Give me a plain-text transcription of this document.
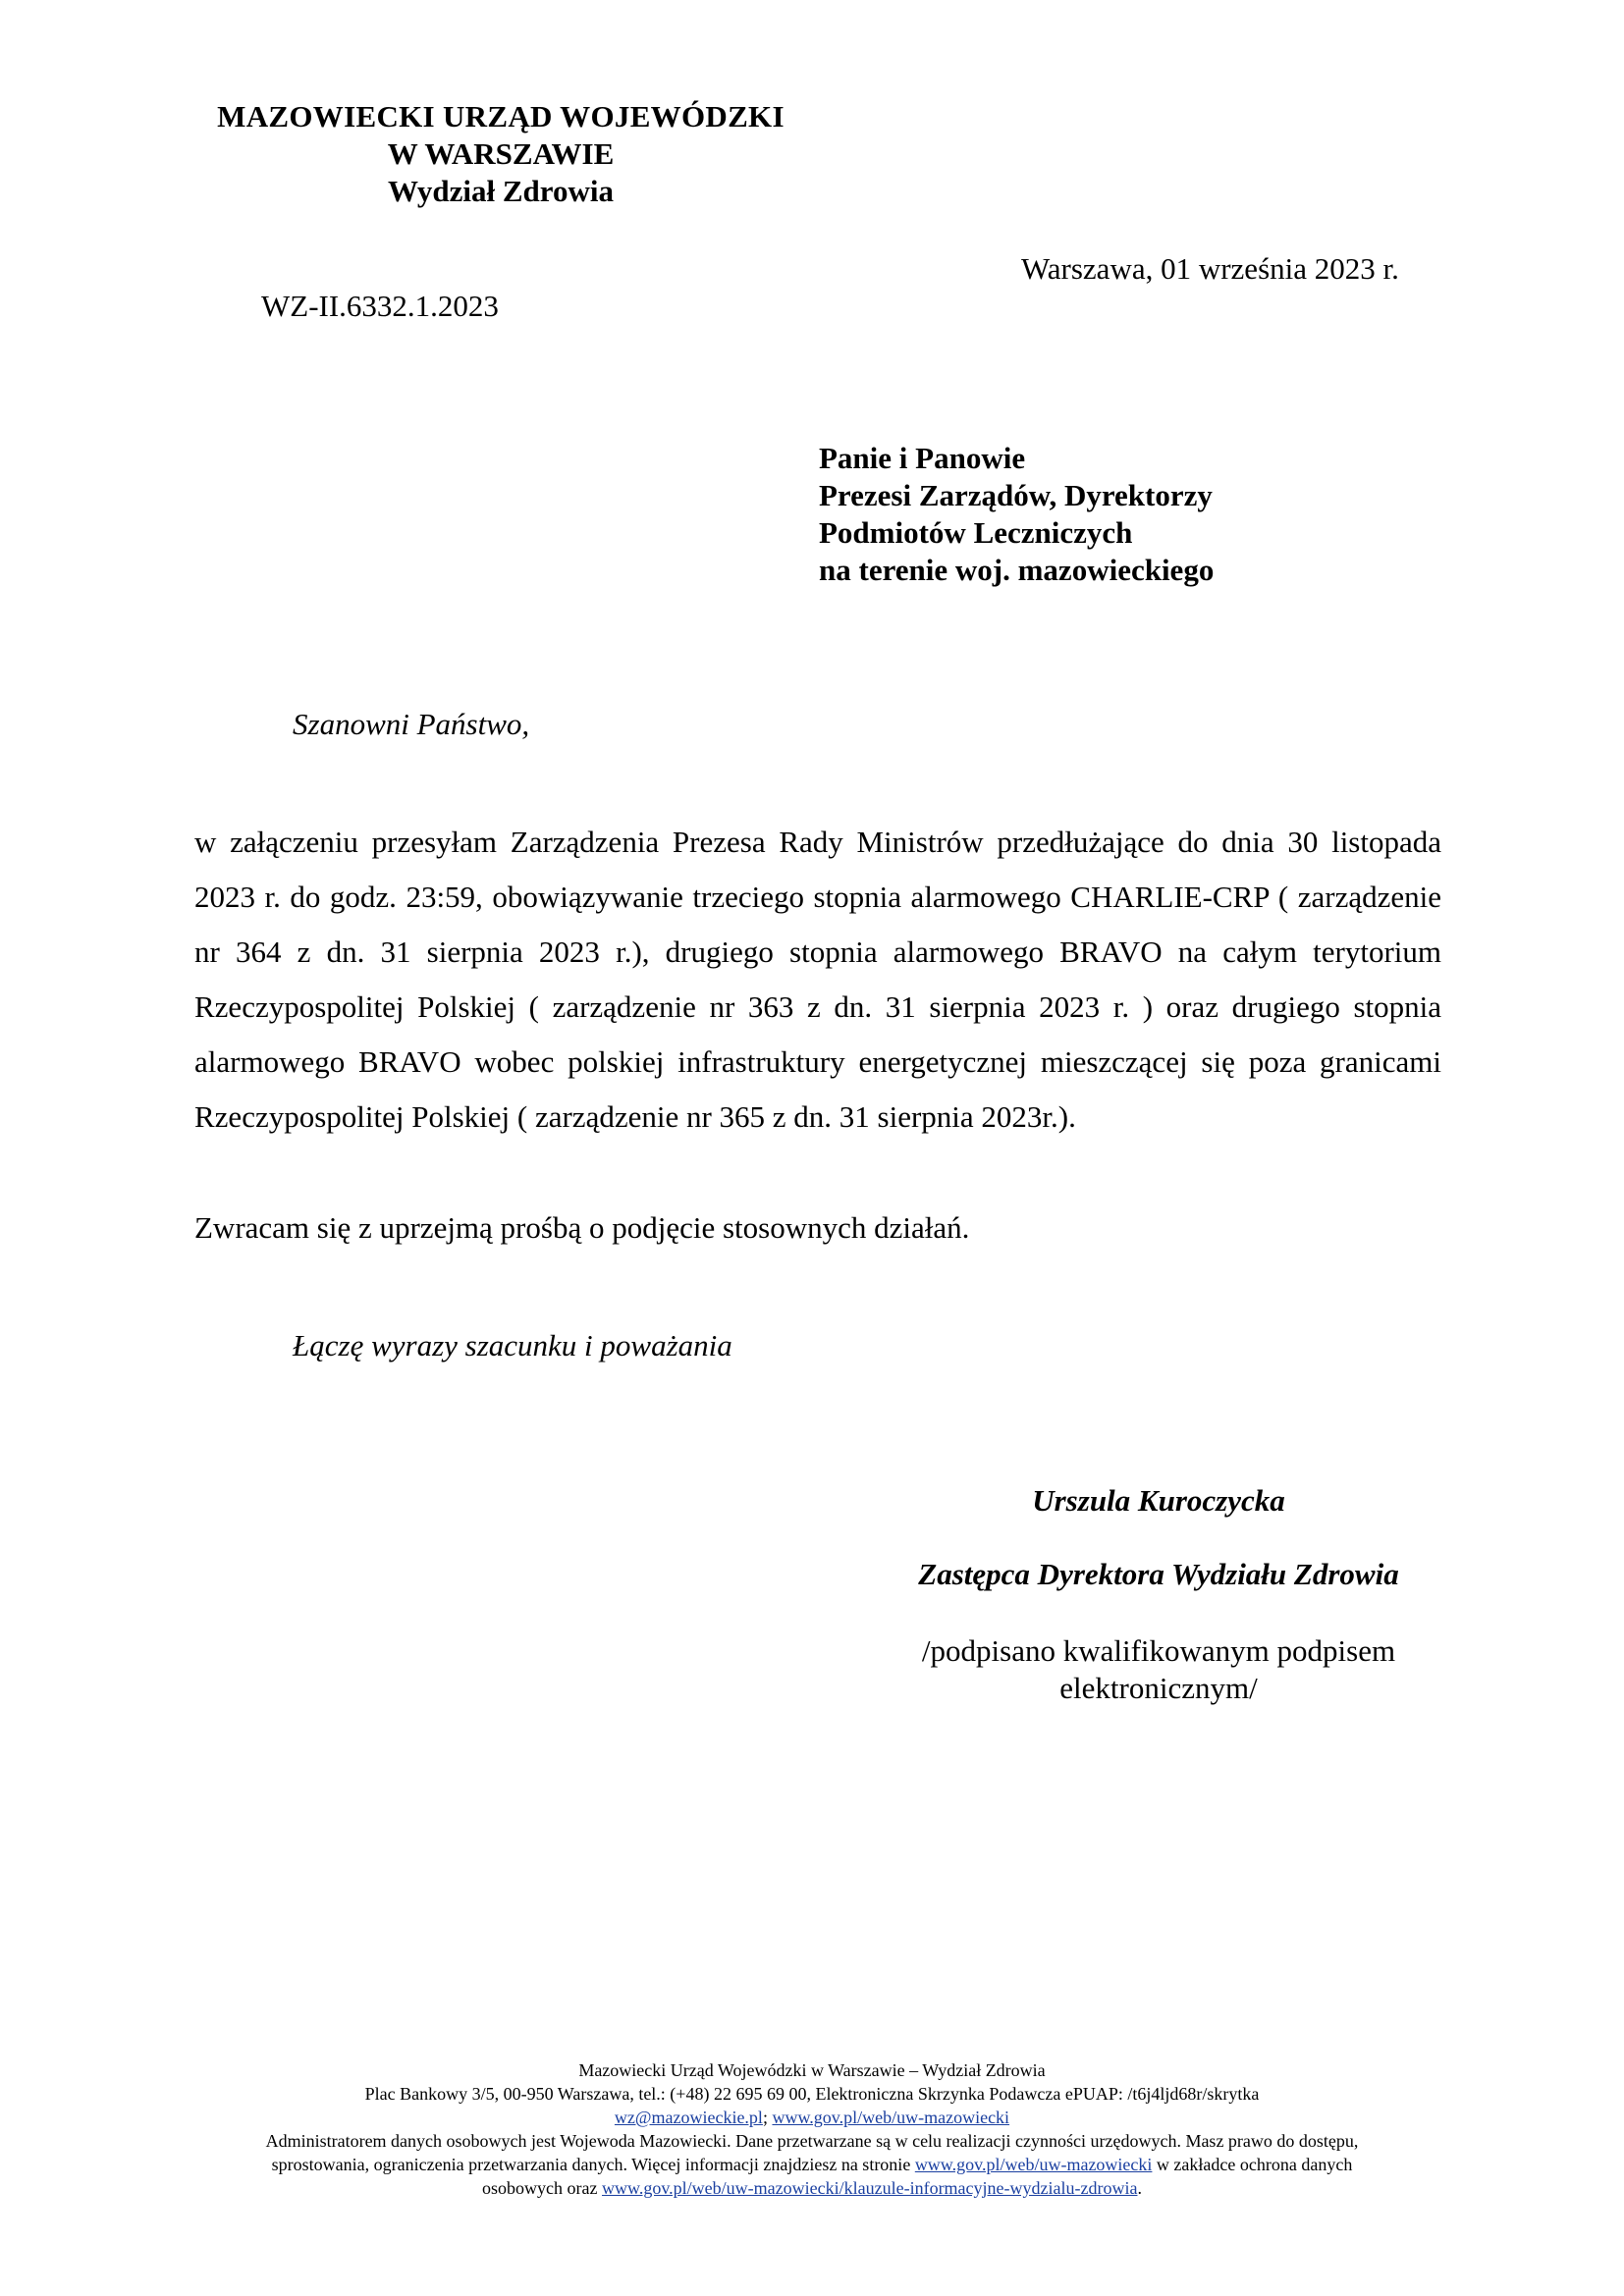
MAZOWIECKI URZĄD WOJEWÓDZKI
W WARSZAWIE
Wydział Zdrowia
Warszawa, 01 września 2023 r.
WZ-II.6332.1.2023
Panie i Panowie
Prezesi Zarządów, Dyrektorzy
Podmiotów Leczniczych
na terenie woj. mazowieckiego
Szanowni Państwo,

w załączeniu przesyłam Zarządzenia Prezesa Rady Ministrów przedłużające do dnia 30 listopada 2023 r. do godz. 23:59, obowiązywanie trzeciego stopnia alarmowego CHARLIE-CRP ( zarządzenie nr 364 z dn. 31 sierpnia 2023 r.), drugiego stopnia alarmowego BRAVO na całym terytorium Rzeczypospolitej Polskiej ( zarządzenie nr 363 z dn. 31 sierpnia 2023 r. ) oraz drugiego stopnia alarmowego BRAVO wobec polskiej infrastruktury energetycznej mieszczącej się poza granicami Rzeczypospolitej Polskiej ( zarządzenie nr 365 z dn. 31 sierpnia 2023r.).

Zwracam się z uprzejmą prośbą o podjęcie stosownych działań.
Łączę wyrazy szacunku i poważania
Urszula Kuroczycka
Zastępca Dyrektora Wydziału Zdrowia
/podpisano kwalifikowanym podpisem
elektronicznym/
Mazowiecki Urząd Wojewódzki w Warszawie – Wydział Zdrowia
Plac Bankowy 3/5, 00-950 Warszawa, tel.: (+48) 22 695 69 00, Elektroniczna Skrzynka Podawcza ePUAP: /t6j4ljd68r/skrytka
wz@mazowieckie.pl; www.gov.pl/web/uw-mazowiecki
Administratorem danych osobowych jest Wojewoda Mazowiecki. Dane przetwarzane są w celu realizacji czynności urzędowych. Masz prawo do dostępu,
sprostowania, ograniczenia przetwarzania danych. Więcej informacji znajdziesz na stronie www.gov.pl/web/uw-mazowiecki w zakładce ochrona danych
osobowych oraz www.gov.pl/web/uw-mazowiecki/klauzule-informacyjne-wydzialu-zdrowia.
